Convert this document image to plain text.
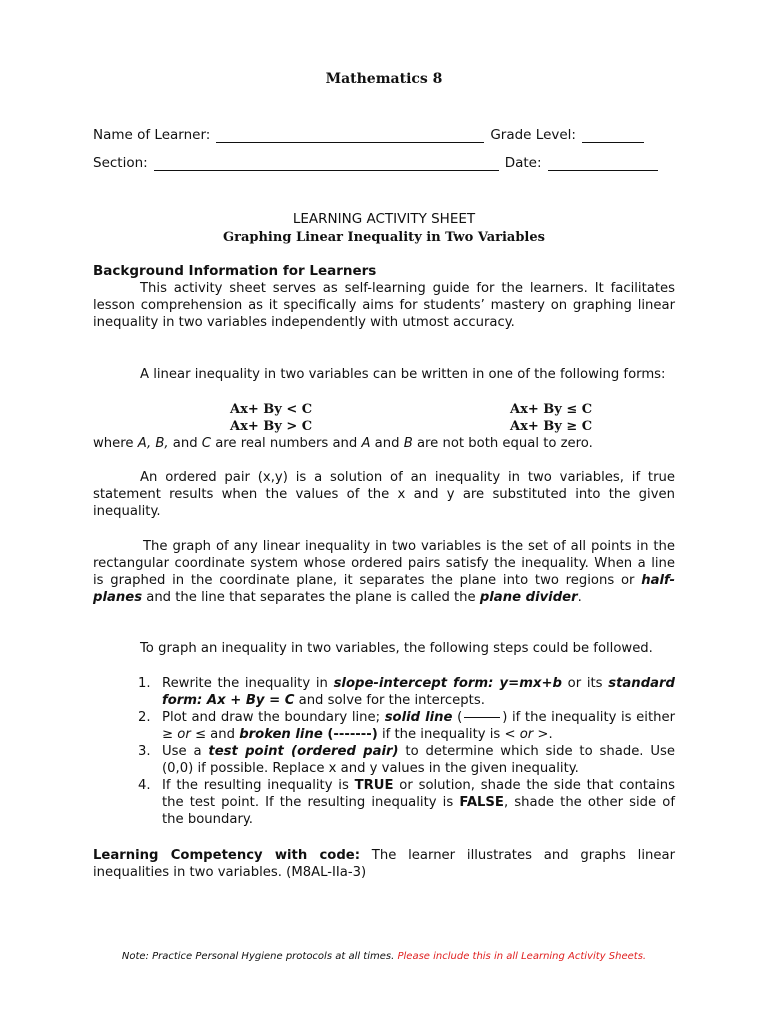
Mathematics 8
Name of Learner:	Grade Level:
Section:	Date:
LEARNING ACTIVITY SHEET
Graphing Linear Inequality in Two Variables
Background Information for Learners
This activity sheet serves as self-learning guide for the learners. It facilitates lesson comprehension as it specifically aims for students’ mastery on graphing linear inequality in two variables independently with utmost accuracy.
A linear inequality in two variables can be written in one of the following forms:
Ax+ By < C	Ax+ By ≤ C
Ax+ By > C	Ax+ By ≥ C
where A, B, and C are real numbers and A and B are not both equal to zero.
An ordered pair (x,y) is a solution of an inequality in two variables, if true statement results when the values of the x and y are substituted into the given inequality.
The graph of any linear inequality in two variables is the set of all points in the rectangular coordinate system whose ordered pairs satisfy the inequality. When a line is graphed in the coordinate plane, it separates the plane into two regions or half-planes and the line that separates the plane is called the plane divider.
To graph an inequality in two variables, the following steps could be followed.
1. Rewrite the inequality in slope-intercept form: y=mx+b or its standard form: Ax + By = C and solve for the intercepts.
2. Plot and draw the boundary line; solid line (	) if the inequality is either ≥ or ≤ and broken line (-------) if the inequality is < or >.
3. Use a test point (ordered pair) to determine which side to shade. Use (0,0) if possible. Replace x and y values in the given inequality.
4. If the resulting inequality is TRUE or solution, shade the side that contains the test point. If the resulting inequality is FALSE, shade the other side of the boundary.
Learning Competency with code: The learner illustrates and graphs linear inequalities in two variables. (M8AL-IIa-3)
Note: Practice Personal Hygiene protocols at all times. Please include this in all Learning Activity Sheets.
